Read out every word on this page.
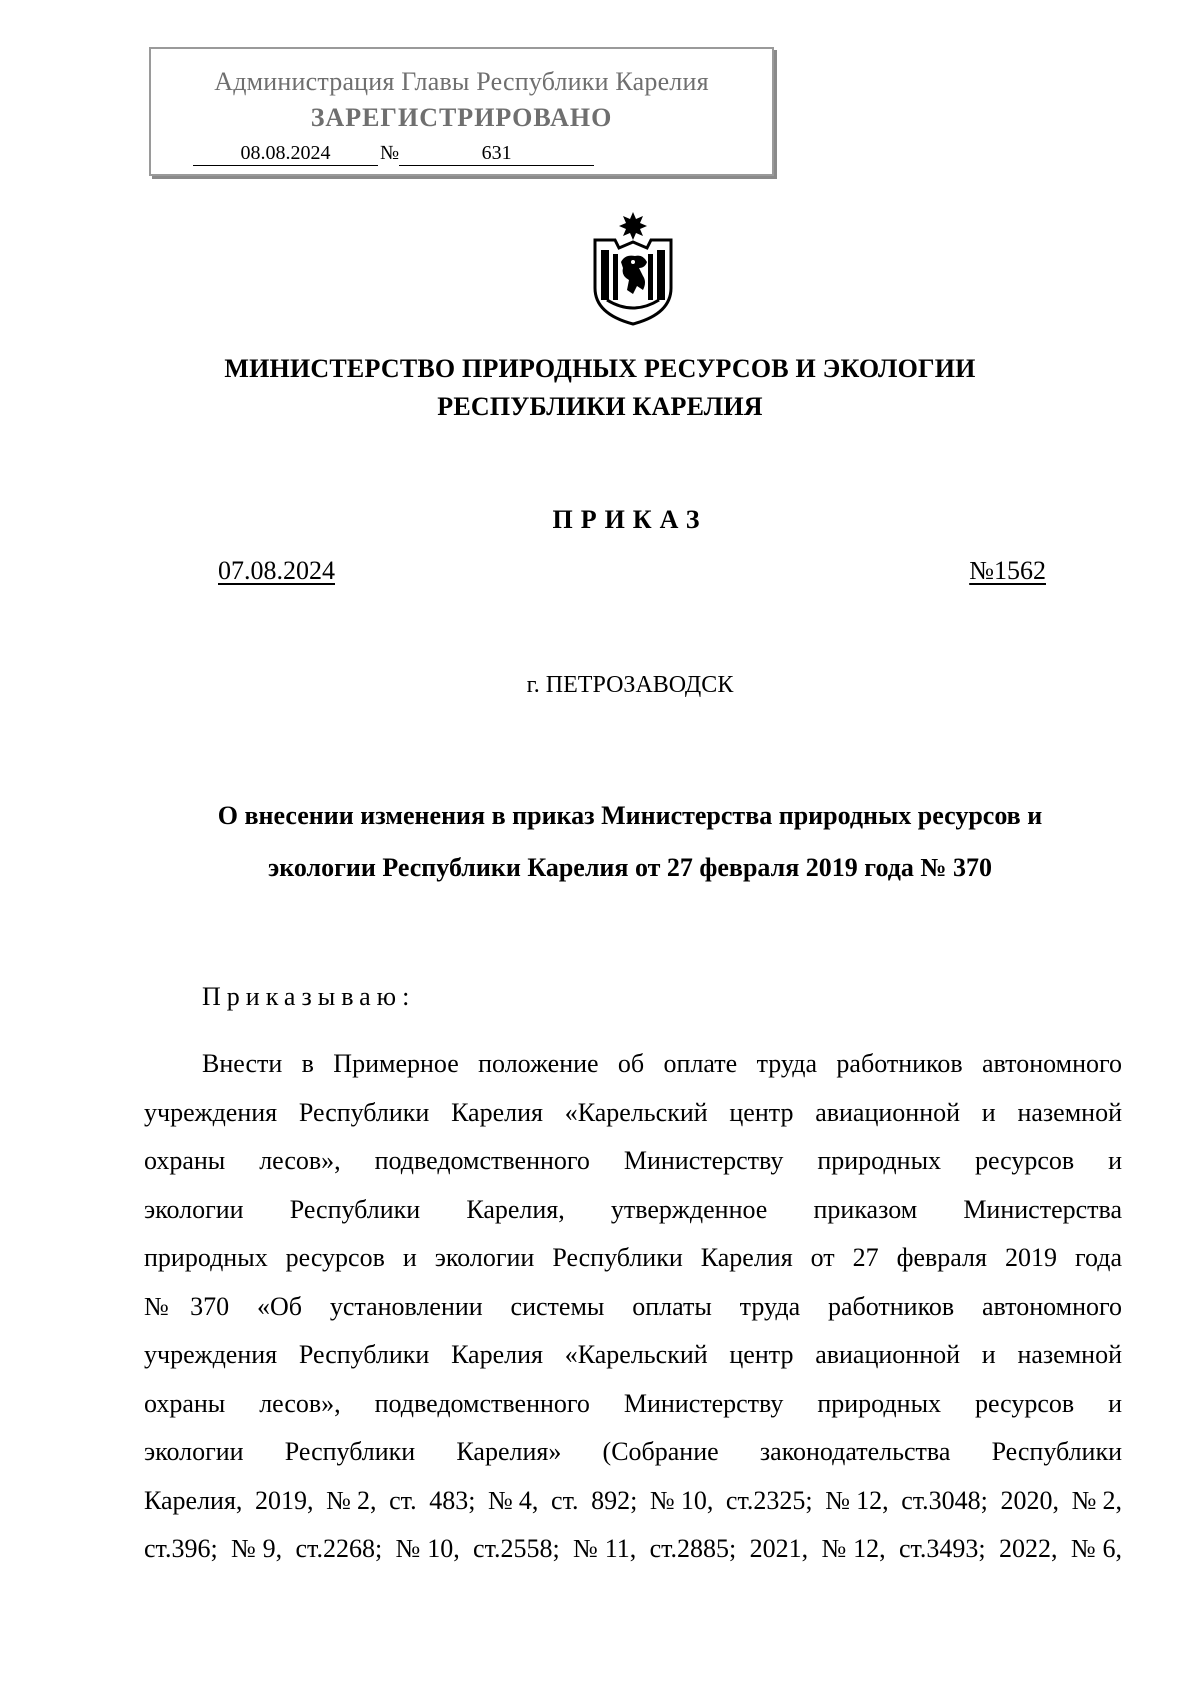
Администрация Главы Республики Карелия
ЗАРЕГИСТРИРОВАНО
08.08.2024 №	631
МИНИСТЕРСТВО ПРИРОДНЫХ РЕСУРСОВ И ЭКОЛОГИИ
РЕСПУБЛИКИ КАРЕЛИЯ
ПРИКАЗ
07.08.2024	№1562
г. ПЕТРОЗАВОДСК
О внесении изменения в приказ Министерства природных ресурсов и
экологии Республики Карелия от 27 февраля 2019 года № 370
Приказываю:
Внести в Примерное положение об оплате труда работников автономного
учреждения Республики Карелия «Карельский центр авиационной и наземной
охраны лесов», подведомственного Министерству природных ресурсов и
экологии Республики Карелия, утвержденное приказом Министерства
природных ресурсов и экологии Республики Карелия от 27 февраля 2019 года
№370 «Об установлении системы оплаты труда работников автономного
учреждения Республики Карелия «Карельский центр авиационной и наземной
охраны лесов», подведомственного Министерству природных ресурсов и
экологии Республики Карелия» (Собрание законодательства Республики
Карелия, 2019, №2, ст. 483; №4, ст. 892; №10, ст.2325; №12, ст.3048; 2020, №2,
ст.396; №9, ст.2268; №10, ст.2558; №11, ст.2885; 2021, №12, ст.3493; 2022, №6,
